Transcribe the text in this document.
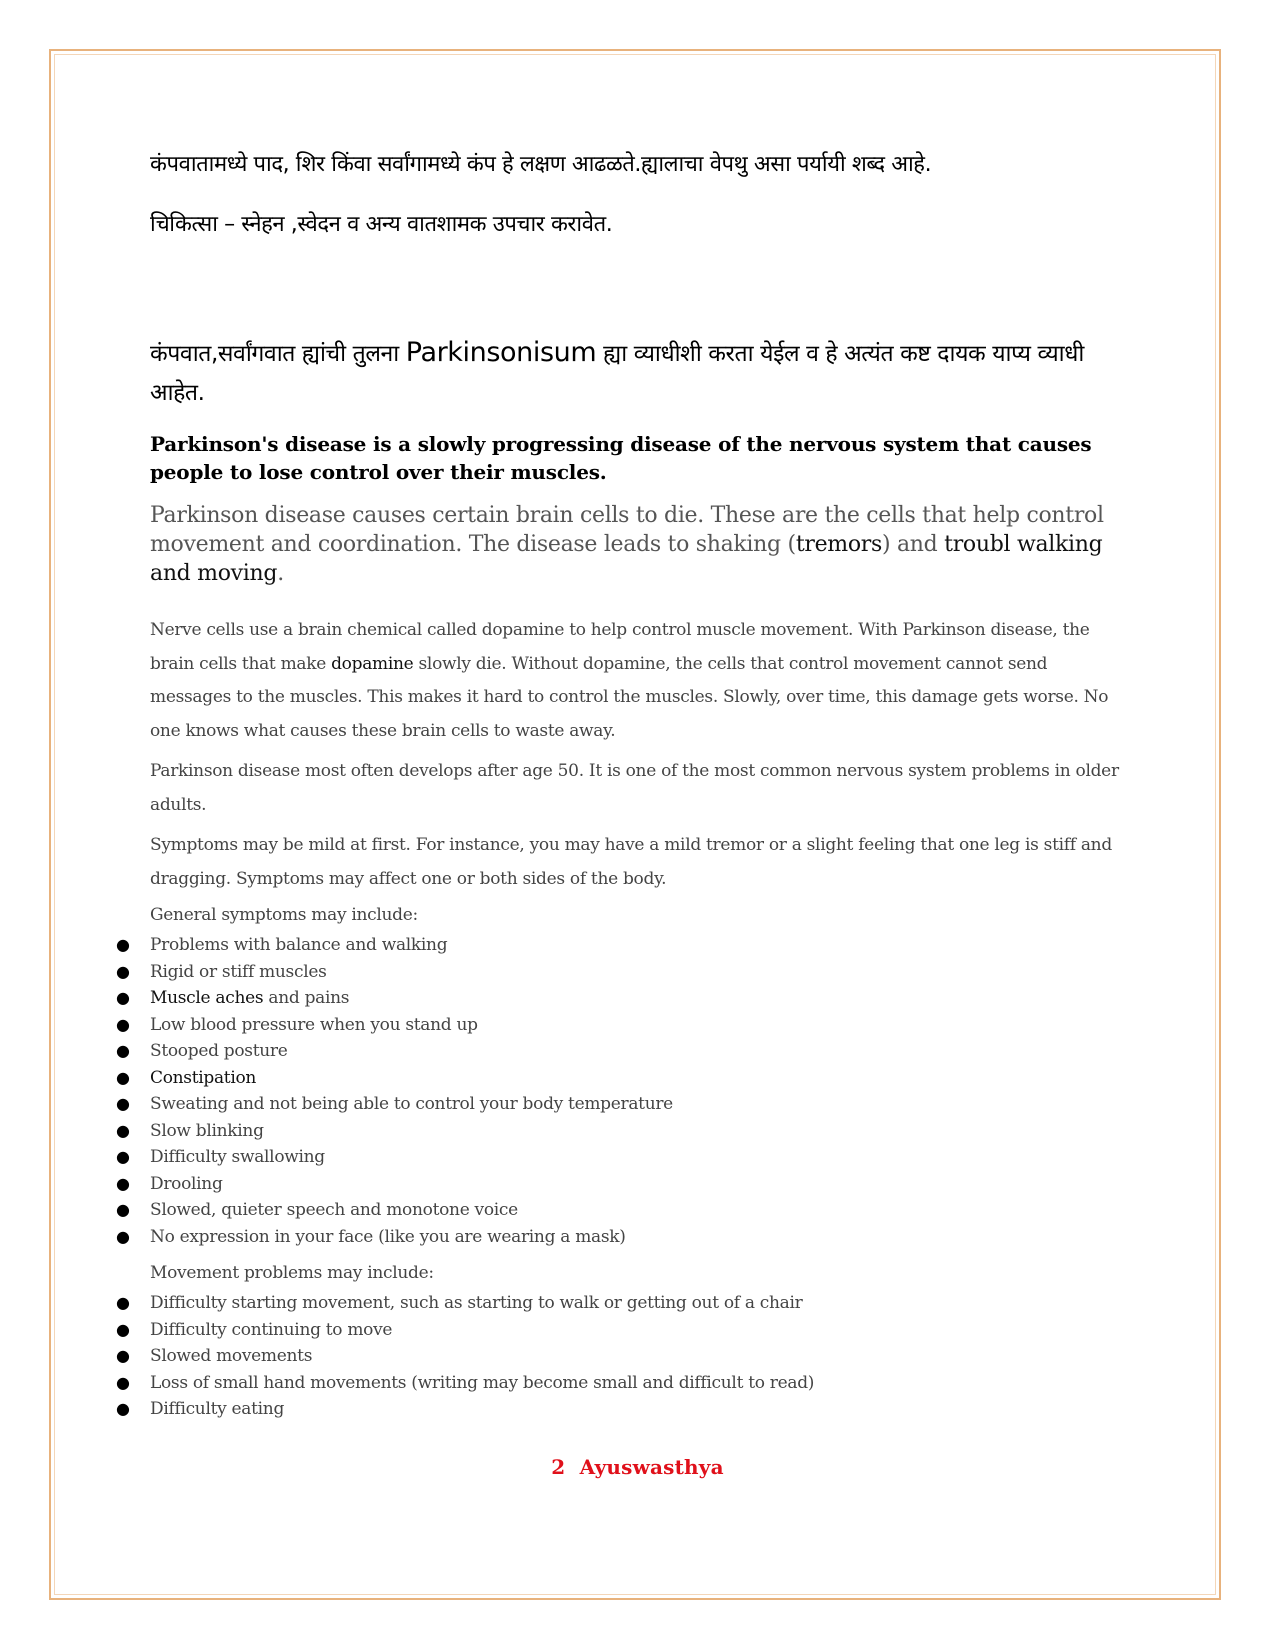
कंपवातामध्ये पाद, शिर किंवा सर्वांगामध्ये कंप हे लक्षण आढळते.ह्यालाचा वेपथु असा पर्यायी शब्द आहे.

चिकित्सा – स्नेहन ,स्वेदन व अन्य वातशामक उपचार करावेत.

कंपवात,सर्वांगवात ह्यांची तुलना Parkinsonisum ह्या व्याधीशी करता येईल व हे अत्यंत कष्ट दायक याप्य व्याधी आहेत.

Parkinson's disease is a slowly progressing disease of the nervous system that causes people to lose control over their muscles.

Parkinson disease causes certain brain cells to die. These are the cells that help control movement and coordination. The disease leads to shaking (tremors) and troubl walking and moving.

Nerve cells use a brain chemical called dopamine to help control muscle movement. With Parkinson disease, the brain cells that make dopamine slowly die. Without dopamine, the cells that control movement cannot send messages to the muscles. This makes it hard to control the muscles. Slowly, over time, this damage gets worse. No one knows what causes these brain cells to waste away.

Parkinson disease most often develops after age 50. It is one of the most common nervous system problems in older adults.

Symptoms may be mild at first. For instance, you may have a mild tremor or a slight feeling that one leg is stiff and dragging. Symptoms may affect one or both sides of the body.

General symptoms may include:

● Problems with balance and walking
● Rigid or stiff muscles
● Muscle aches and pains
● Low blood pressure when you stand up
● Stooped posture
● Constipation
● Sweating and not being able to control your body temperature
● Slow blinking
● Difficulty swallowing
● Drooling
● Slowed, quieter speech and monotone voice
● No expression in your face (like you are wearing a mask)

Movement problems may include:

● Difficulty starting movement, such as starting to walk or getting out of a chair
● Difficulty continuing to move
● Slowed movements
● Loss of small hand movements (writing may become small and difficult to read)
● Difficulty eating
2 Ayuswasthya
